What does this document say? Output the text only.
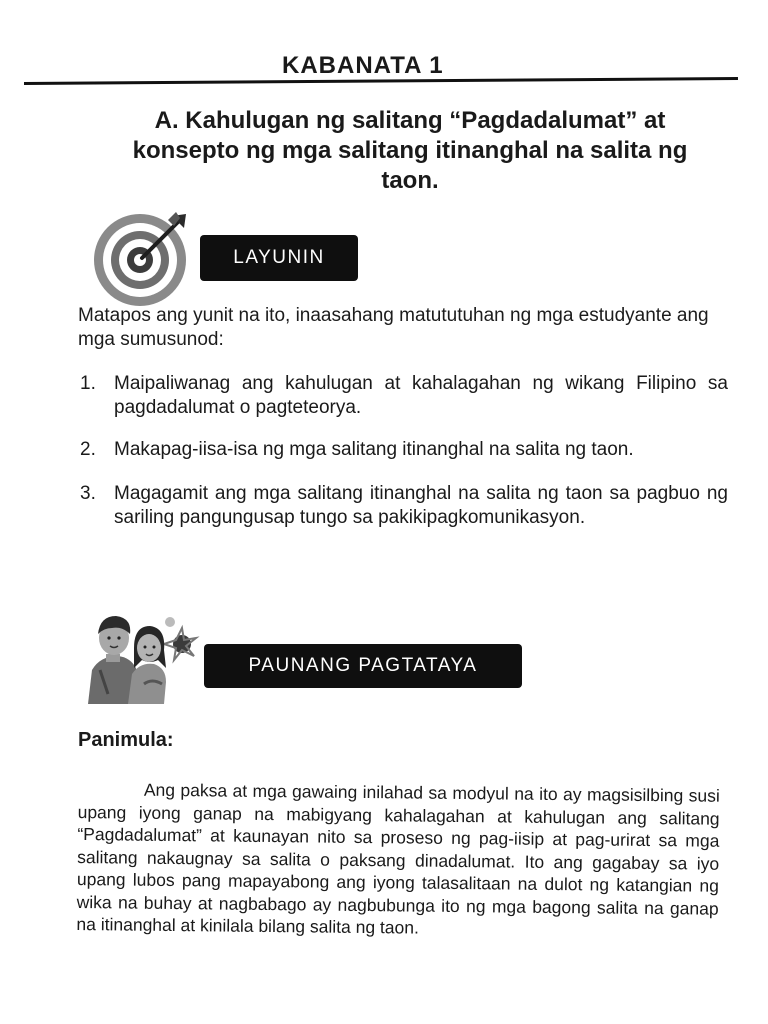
KABANATA 1
A. Kahulugan ng salitang “Pagdadalumat” at
konsepto ng mga salitang itinanghal na salita ng
taon.
LAYUNIN
Matapos ang yunit na ito, inaasahang matututuhan ng mga estudyante ang mga sumusunod:
1. Maipaliwanag ang kahulugan at kahalagahan ng wikang Filipino sa pagdadalumat o pagteteorya.
2. Makapag-iisa-isa ng mga salitang itinanghal na salita ng taon.
3. Magagamit ang mga salitang itinanghal na salita ng taon sa pagbuo ng sariling pangungusap tungo sa pakikipagkomunikasyon.
PAUNANG PAGTATAYA
Panimula:
Ang paksa at mga gawaing inilahad sa modyul na ito ay magsisilbing susi upang iyong ganap na mabigyang kahalagahan at kahulugan ang salitang “Pagdadalumat” at kaunayan nito sa proseso ng pag-iisip at pag-urirat sa mga salitang nakaugnay sa salita o paksang dinadalumat. Ito ang gagabay sa iyo upang lubos pang mapayabong ang iyong talasalitaan na dulot ng katangian ng wika na buhay at nagbabago ay nagbubunga ito ng mga bagong salita na ganap na itinanghal at kinilala bilang salita ng taon.
